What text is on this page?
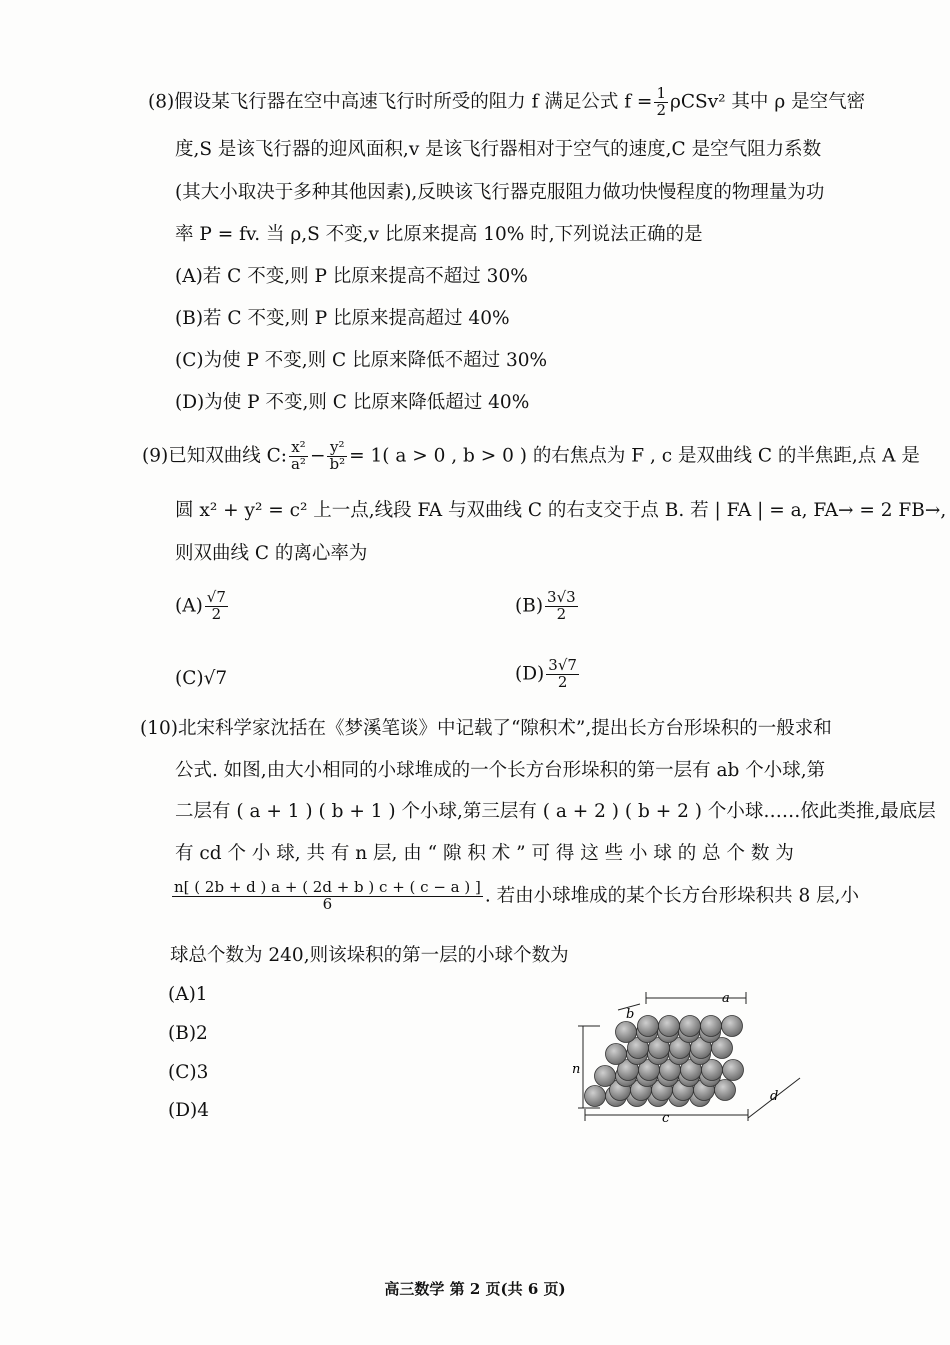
(8)假设某飞行器在空中高速飞行时所受的阻力 f 满足公式 $f = \frac{1}{2} \rho CSv^2$ 其中 ρ 是空气密
度,S 是该飞行器的迎风面积,v 是该飞行器相对于空气的速度,C 是空气阻力系数
(其大小取决于多种其他因素),反映该飞行器克服阻力做功快慢程度的物理量为功
率 P = fv. 当 ρ,S 不变,v 比原来提高 10% 时,下列说法正确的是
(A)若 C 不变,则 P 比原来提高不超过 30%
(B)若 C 不变,则 P 比原来提高超过 40%
(C)为使 P 不变,则 C 比原来降低不超过 30%
(D)为使 P 不变,则 C 比原来降低超过 40%
(9)已知双曲线 C: $\frac{\text{x²}}{\text{a²}} - \frac{\text{y²}}{\text{b²}} = 1$( a > 0 , b > 0 ) 的右焦点为 F , c 是双曲线 C 的半焦距,点 A 是
圆 x² + y² = c² 上一点,线段 FA 与双曲线 C 的右支交于点 B. 若 | FA | = a, FA→ = 2 FB→,
则双曲线 C 的离心率为
$(A) \frac{√7}{2}$	$(B) \frac{3√3}{2}$
(C)√7	$(D) \frac{3√7}{2}$
(10)北宋科学家沈括在《梦溪笔谈》中记载了“隙积术”,提出长方台形垛积的一般求和
公式. 如图,由大小相同的小球堆成的一个长方台形垛积的第一层有 ab 个小球,第
二层有 ( a + 1 ) ( b + 1 ) 个小球,第三层有 ( a + 2 ) ( b + 2 ) 个小球……依此类推,最底层
有 cd 个 小 球, 共 有 n 层, 由 “ 隙 积 术 ” 可 得 这 些 小 球 的 总 个 数 为
$\frac{n[ ( 2b + d ) a + ( 2d + b ) c + ( c - a ) ]}{6}$ . 若由小球堆成的某个长方台形垛积共 8 层,小
球总个数为 240,则该垛积的第一层的小球个数为
(A)1
(B)2
(C)3
(D)4
a
b
n
c
d
高三数学 第 2 页(共 6 页)
